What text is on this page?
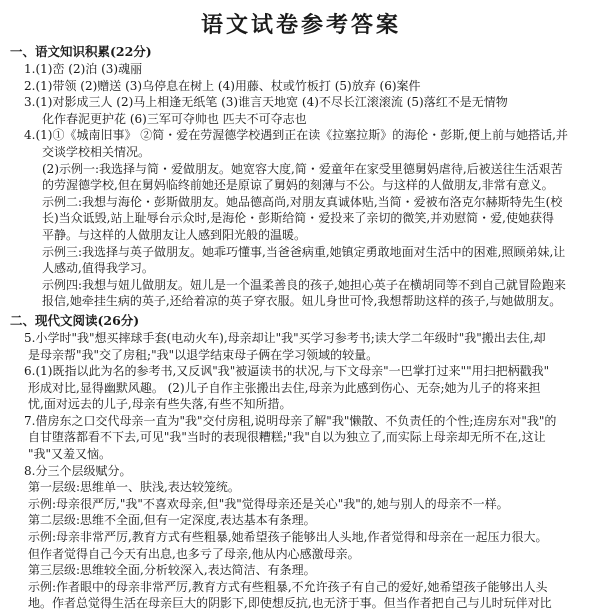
语文试卷参考答案
一、语文知识积累(22分)
1.(1)峦 (2)泊 (3)魂丽
2.(1)带领 (2)赠送 (3)乌停息在树上 (4)用藤、杖或竹板打 (5)放弃 (6)案件
3.(1)对影成三人 (2)马上相逢无纸笔 (3)谁言天地宽 (4)不尽长江滚滚流 (5)落红不是无情物
化作春泥更护花 (6)三军可夺帅也 匹夫不可夺志也
4.(1)①《城南旧事》 ②简・爱在劳渥德学校遇到正在读《拉塞拉斯》的海伦・彭斯,便上前与她搭话,并
交谈学校相关情况。
(2)示例一:我选择与简・爱做朋友。她宽容大度,简・爱童年在家受里德舅妈虐待,后被送往生活艰苦
的劳渥德学校,但在舅妈临终前她还是原谅了舅妈的刻薄与不公。与这样的人做朋友,非常有意义。
示例二:我想与海伦・彭斯做朋友。她品德高尚,对朋友真诚体贴,当简・爱被布洛克尔赫斯特先生(校
长)当众诋毁,站上耻辱台示众时,是海伦・彭斯给简・爱投来了亲切的微笑,并劝慰简・爱,使她获得
平静。与这样的人做朋友让人感到阳光般的温暖。
示例三:我选择与英子做朋友。她乖巧懂事,当爸爸病重,她镇定勇敢地面对生活中的困难,照顾弟妹,让
人感动,值得我学习。
示例四:我想与妞儿做朋友。妞儿是一个温柔善良的孩子,她担心英子在横胡同等不到自己就冒险跑来
报信,她牵挂生病的英子,还给着凉的英子穿衣服。妞儿身世可怜,我想帮助这样的孩子,与她做朋友。
二、现代文阅读(26分)
5.小学时"我"想买摔球手套(电动火车),母亲却让"我"买学习参考书;读大学二年级时"我"搬出去住,却
是母亲帮"我"交了房租;"我"以退学结束母子俩在学习领域的较量。
6.(1)既指以此为名的参考书,又反讽"我"被逼读书的状况,与下文母亲"一巴掌打过来""用扫把柄戳我"
形成对比,显得幽默风趣。 (2)儿子自作主张搬出去住,母亲为此感到伤心、无奈;她为儿子的将来担
忧,面对远去的儿子,母亲有些失落,有些不知所措。
7.借房东之口交代母亲一直为"我"交付房租,说明母亲了解"我"懒散、不负责任的个性;连房东对"我"的
自甘堕落都看不下去,可见"我"当时的表现很糟糕;"我"自以为独立了,而实际上母亲却无所不在,这让
"我"又羞又恼。
8.分三个层级赋分。
第一层级:思维单一、肤浅,表达较笼统。
示例:母亲很严厉,"我"不喜欢母亲,但"我"觉得母亲还是关心"我"的,她与别人的母亲不一样。
第二层级:思维不全面,但有一定深度,表达基本有条理。
示例:母亲非常严厉,教育方式有些粗暴,她希望孩子能够出人头地,作者觉得和母亲在一起压力很大。
但作者觉得自己今天有出息,也多亏了母亲,他从内心感激母亲。
第三层级:思维较全面,分析较深入,表达简洁、有条理。
示例:作者眼中的母亲非常严厉,教育方式有些粗暴,不允许孩子有自己的爱好,她希望孩子能够出人头
地。作者总觉得生活在母亲巨大的阴影下,即使想反抗,也无济于事。但当作者把自己与儿时玩伴对比
